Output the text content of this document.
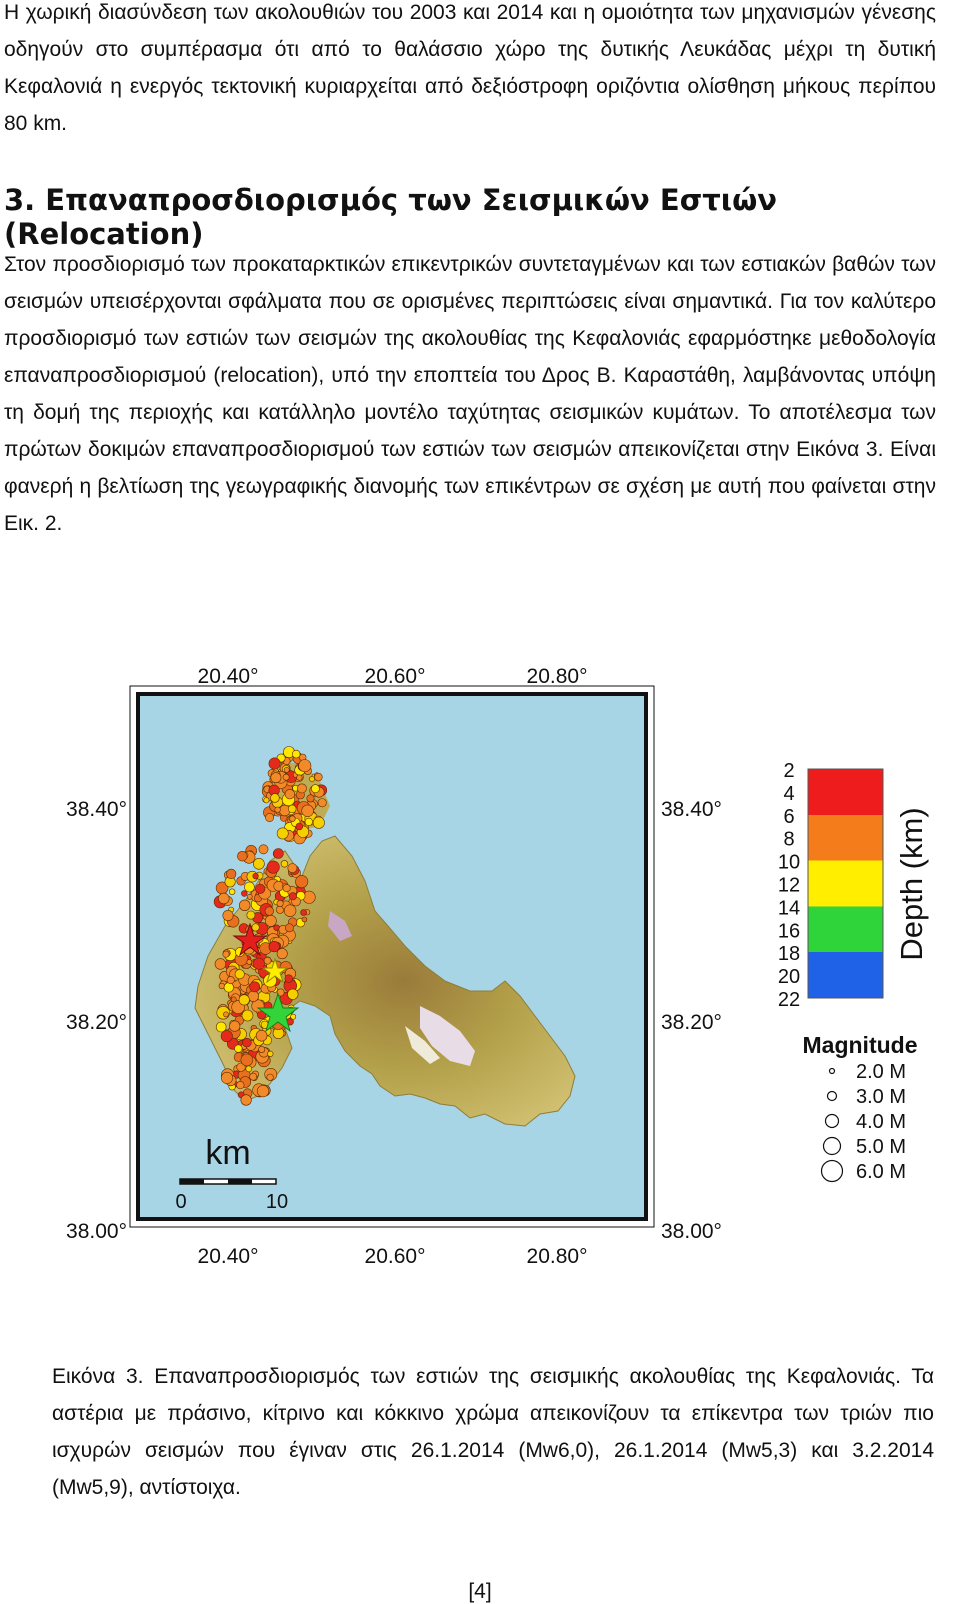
Η χωρική διασύνδεση των ακολουθιών του 2003 και 2014 και η ομοιότητα των μηχανισμών γένεσης οδηγούν στο συμπέρασμα ότι από το θαλάσσιο χώρο της δυτικής Λευκάδας μέχρι τη δυτική Κεφαλονιά η ενεργός τεκτονική κυριαρχείται από δεξιόστροφη οριζόντια ολίσθηση μήκους περίπου 80 km.

3. Επαναπροσδιορισμός των Σεισμικών Εστιών (Relocation)

Στον προσδιορισμό των προκαταρκτικών επικεντρικών συντεταγμένων και των εστιακών βαθών των σεισμών υπεισέρχονται σφάλματα που σε ορισμένες περιπτώσεις είναι σημαντικά. Για τον καλύτερο προσδιορισμό των εστιών των σεισμών της ακολουθίας της Κεφαλονιάς εφαρμόστηκε μεθοδολογία επαναπροσδιορισμού (relocation), υπό την εποπτεία του Δρος Β. Καραστάθη, λαμβάνοντας υπόψη τη δομή της περιοχής και κατάλληλο μοντέλο ταχύτητας σεισμικών κυμάτων. Το αποτέλεσμα των πρώτων δοκιμών επαναπροσδιορισμού των εστιών των σεισμών απεικονίζεται στην Εικόνα 3. Είναι φανερή η βελτίωση της γεωγραφικής διανομής των επικέντρων σε σχέση με αυτή που φαίνεται στην Εικ. 2.

km
0	10
20.40°	20.60°	20.80°
20.40°	20.60°	20.80°
38.40°
38.20°
38.00°
38.40°
38.20°
38.00°
2
4
6
8
10
12
14
16
18
20
22
Depth (km)
Magnitude
2.0 M
3.0 M
4.0 M
5.0 M
6.0 M

Εικόνα 3. Επαναπροσδιορισμός των εστιών της σεισμικής ακολουθίας της Κεφαλονιάς. Τα αστέρια με πράσινο, κίτρινο και κόκκινο χρώμα απεικονίζουν τα επίκεντρα των τριών πιο ισχυρών σεισμών που έγιναν στις 26.1.2014 (Mw6,0), 26.1.2014 (Mw5,3) και 3.2.2014 (Mw5,9), αντίστοιχα.

[4]
